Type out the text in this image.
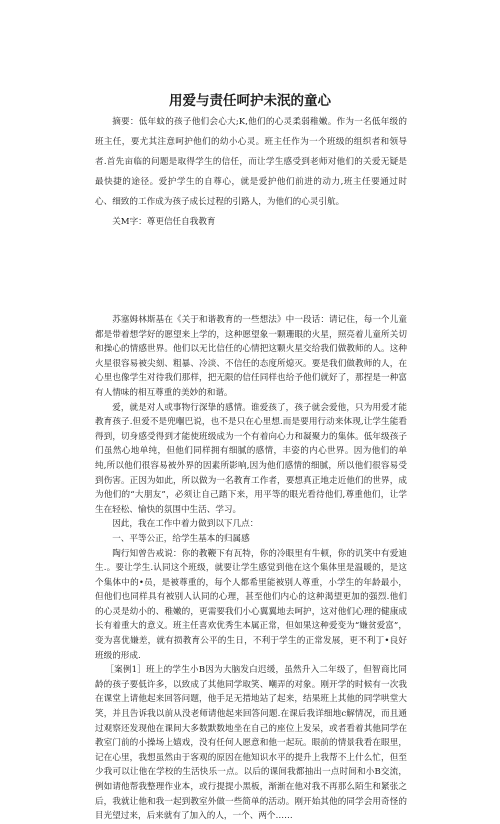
用爱与责任呵护未泯的童心

摘要：低年蚊的孩子他们会心大;K,他们的心灵柔弱稚嫩。作为一名低年级的班主任，要尤其注意呵护他们的幼小心灵。班主任作为一个班级的组织者和领导者.首先亩临的问题是取得学生的信任，而让学生感受到老师对他们的关爱无疑是最快捷的途径。爱护学生的自尊心，就是爱护他们前进的动力,班主任要通过时心、细致的工作成为孩子成长过程的引路人，为他们的心灵引航。

关M字：尊更信任自我教育

苏塞姆林斯基在《关于和谐教育的一些想法》中一段话：请记住，每一个儿童都是带着想学好的愿望来上学的，这种愿望象一颗珊眼的火星，照亮着儿童所关切和操心的情感世界。他们以无比信任的心情把这颗火星交给我们做教师的人。这种火星很容易被尖刻、粗暴、冷淡、不信任的态度所熄灭。要是我们做教师的人，在心里也像学生对待我们那样，把无限的信任同样也给予他们就好了，那捏是一种富有人情味的相互尊重的美妙的和谐。

爱，就是对人或事物行深挚的感情。谁爱孩了，孩子就会爱他，只为用爱才能教育孩子.但爱不是兜嗰巴说，也不是只在心里想.而是要用行动来体现,让学生能看得到，切身感受得到才能使班级成为一个有着向心力和凝聚力的集体。低年级孩子们虽然心地单纯，但他们同样拥有细腻的感情，丰姿的内心世界。因为他们的单纯,所以他们很容易被外界的因素所影响,因为他们感情的细腻，所以他们很容易受到伤害。正因为如此，所以做为一名教育工作者，要想真正地走近他们的世界，成为他们的“大朋友”，必须让自己踏下来，用平等的眼光看待他们,尊重他们，让学生在轻松、愉快的氛围中生活、学习。

因此，我在工作中着力做到以下几点：

一、平等公正，给学生基本的归属感

陶行知曾告戒说：你的教鞭下有瓦特，你的冷眼里有牛顿，你的讥笑中有爱迪生.。要让学生.认同这个班级，就要让学生感觉到他在这个集体里是温暖的，是这个集体中的•员，是被尊重的，每个人都希里能被别人尊重，小学生的年龄最小，但他们也同样具有被别人认同的心理，甚至他们内心的这种渴望更加的强烈.他们的心灵是幼小的、稚嫩的，更需要我们小心翼翼地去呵护，这对他们心理的健康成长有着重大的意义。班主任喜欢优秀生本属正常，但如果这种爱变为“嫌贫爱富”，变为喜优嫌差，就有损教育公平的生日，不利于学生的正常发展，更不利丁•良好班级的形成.

［案例1］班上的学生小B因为大脑发白迟缓，虽然升入二年级了，但智商比同龄的孩子要低许多，以致成了其他同学取笑、嘲弄的对象。刚开学的时候有一次我在课堂上请他起来回答问题，他手足无措地站了起来，结果班上其他的同学哄堂大笑，并且告诉我以前从没老师请他起来回答问题.在课后我详细地c解情况，而且通过观察还发现他在课间大多数默数地坐在自己的座位上发呆，或者看着其他同学在教室门前的小操场上嬉戏，没有任何人愿意和他一起玩。眼前的情景我看在眼里，记在心里，我想虽然由于客观的原因在他知识水平的提升上我帮不上什么忙，但至少我可以让他在学校的生活快乐一点。以后的课间我都抽出一点时间和小B交流，例如请他帮我整理作业本，或行提提小黑板，渐渐在他对我不再那么陌生和紧张之后，我就让他和我一起到教室外做一些简单的活动。刚开始其他的同学会用奇怪的目光望过来，后来就有了加入的人，一个、两个……
